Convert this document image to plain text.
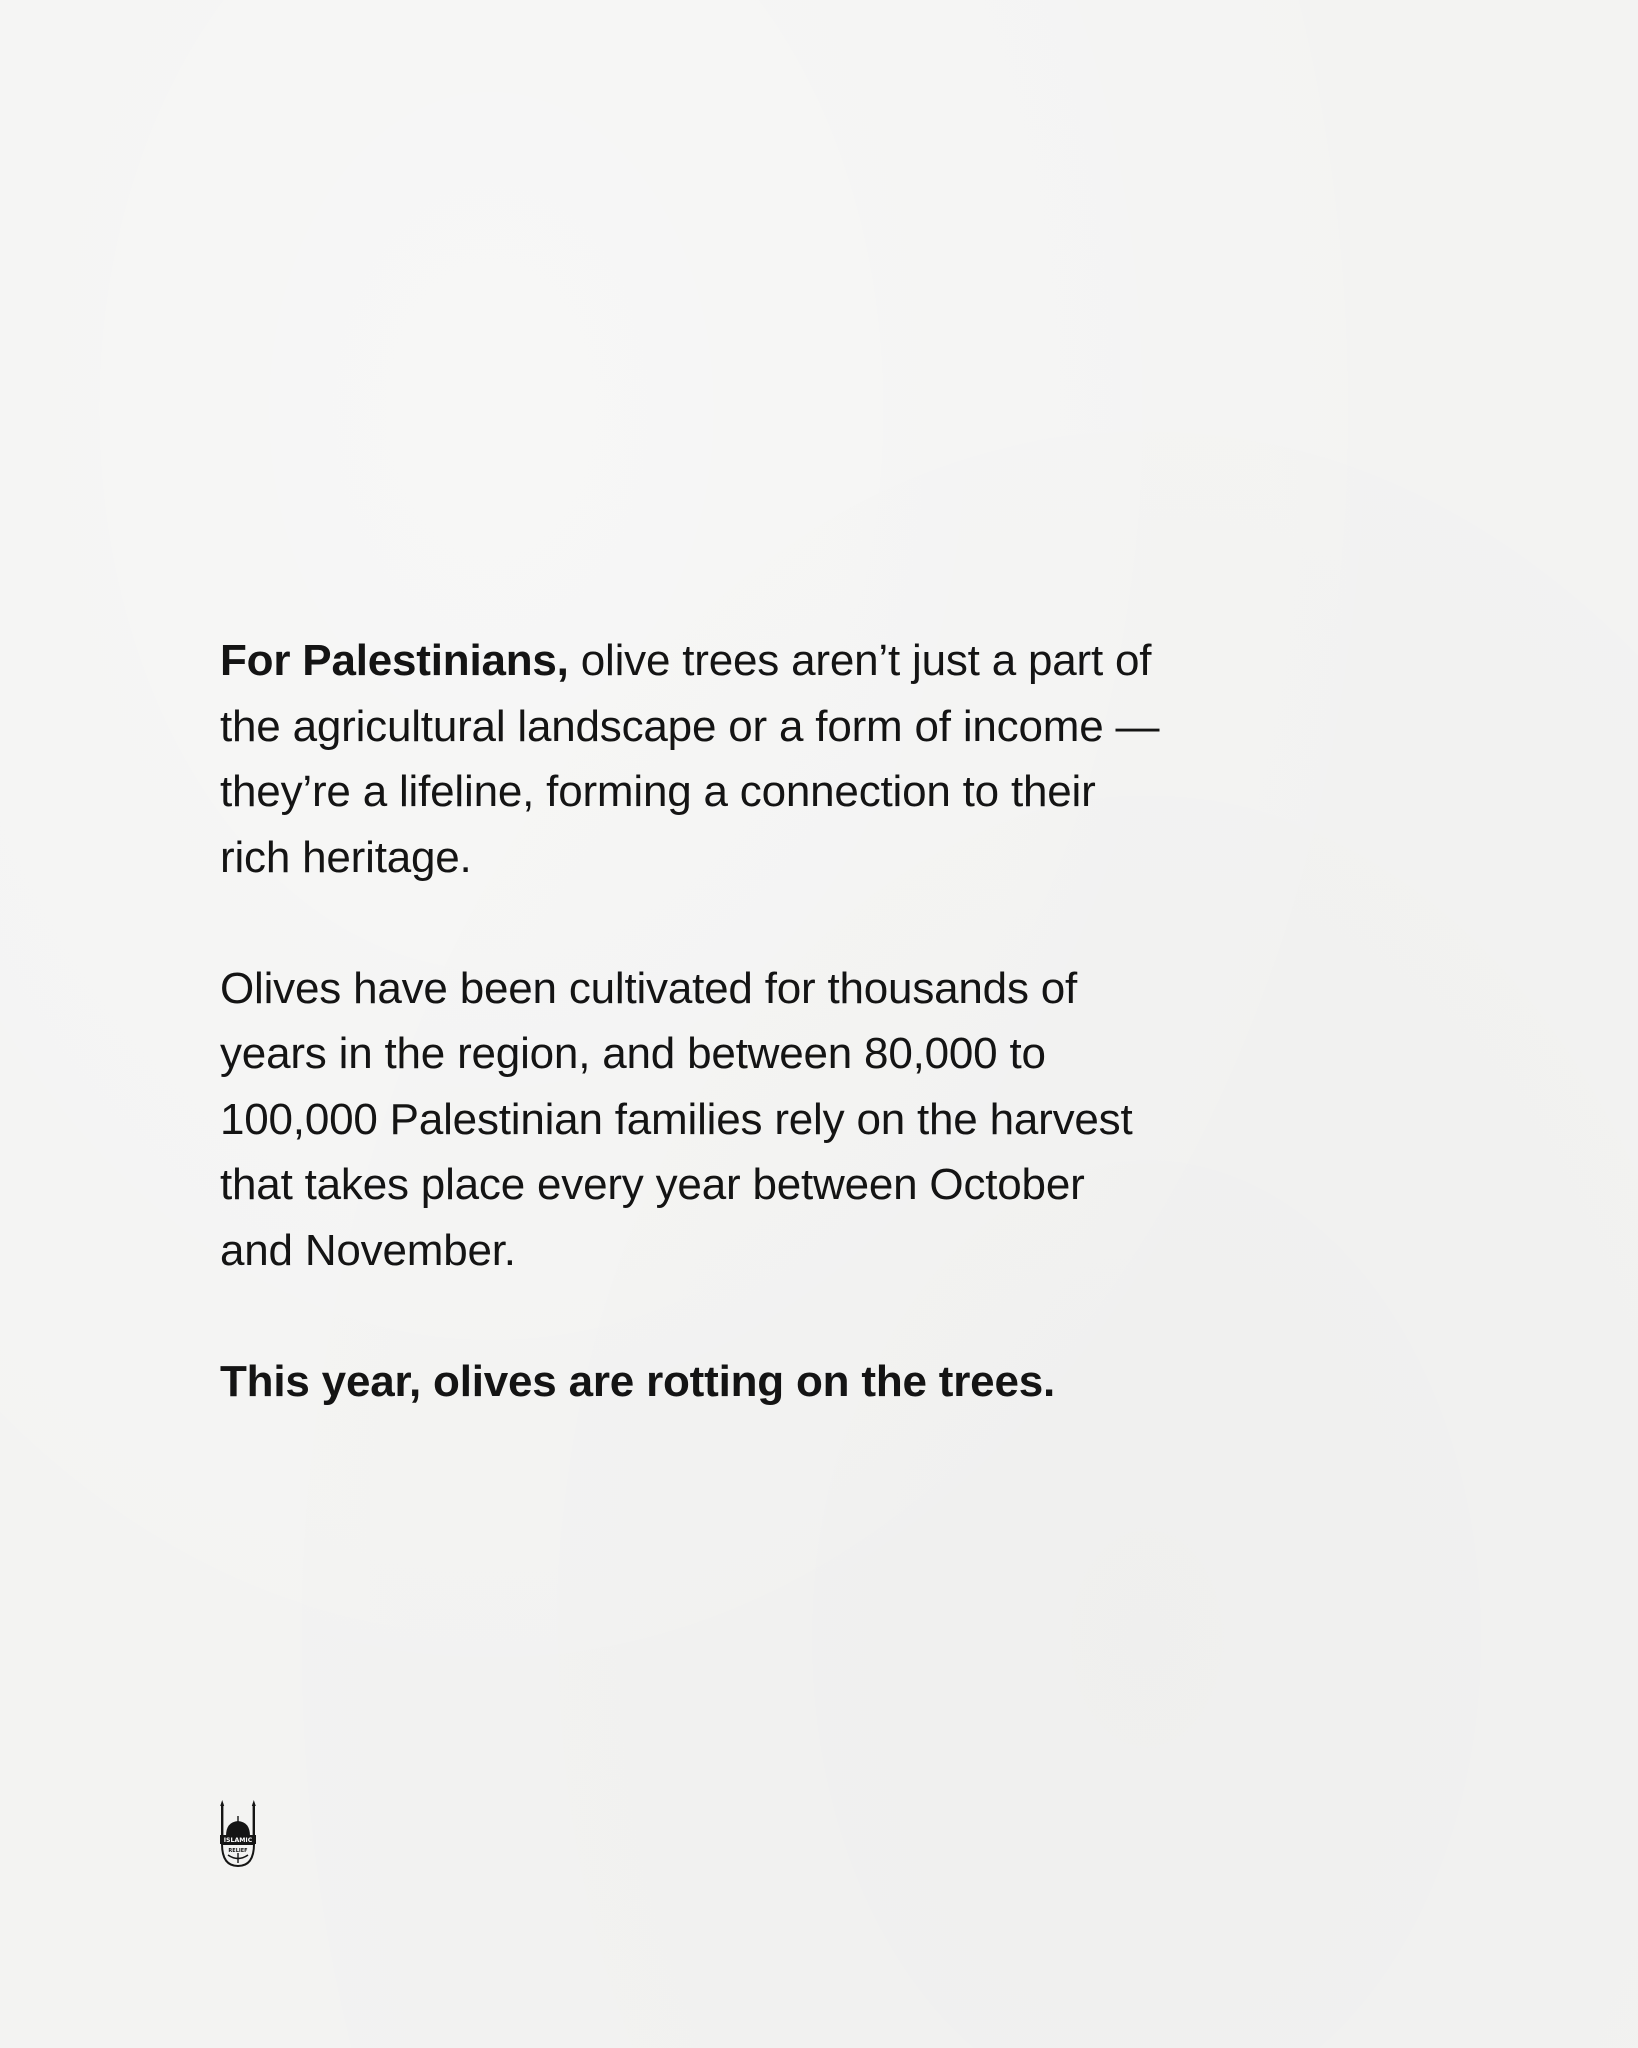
For Palestinians, olive trees aren’t just a part of the agricultural landscape or a form of income — they’re a lifeline, forming a connection to their rich heritage.

Olives have been cultivated for thousands of years in the region, and between 80,000 to 100,000 Palestinian families rely on the harvest that takes place every year between October and November.

This year, olives are rotting on the trees.

ISLAMIC
RELIEF
